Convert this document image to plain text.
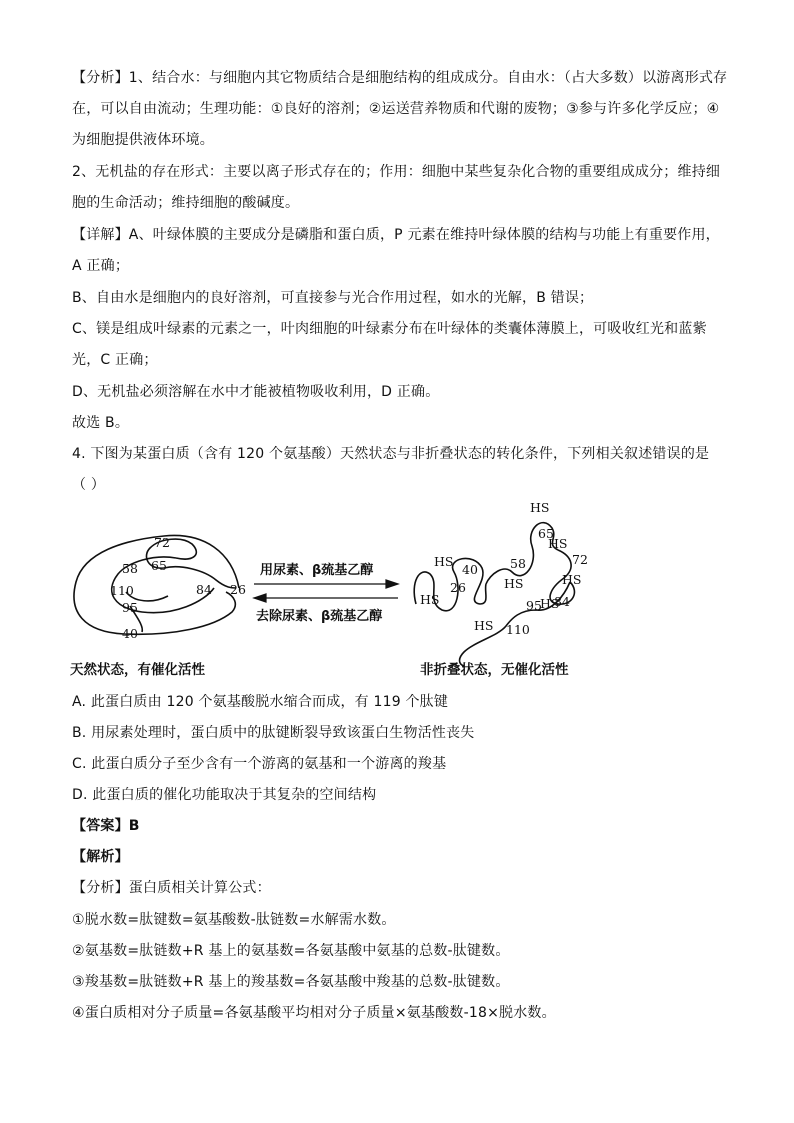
【分析】1、结合水：与细胞内其它物质结合是细胞结构的组成成分。自由水：（占大多数）以游离形式存
在，可以自由流动；生理功能：①良好的溶剂；②运送营养物质和代谢的废物；③参与许多化学反应；④
为细胞提供液体环境。
2、无机盐的存在形式：主要以离子形式存在的；作用：细胞中某些复杂化合物的重要组成成分；维持细
胞的生命活动；维持细胞的酸碱度。
【详解】A、叶绿体膜的主要成分是磷脂和蛋白质，P 元素在维持叶绿体膜的结构与功能上有重要作用，
A 正确；
B、自由水是细胞内的良好溶剂，可直接参与光合作用过程，如水的光解，B 错误；
C、镁是组成叶绿素的元素之一，叶肉细胞的叶绿素分布在叶绿体的类囊体薄膜上，可吸收红光和蓝紫
光，C 正确；
D、无机盐必须溶解在水中才能被植物吸收利用，D 正确。
故选 B。
4. 下图为某蛋白质（含有 120 个氨基酸）天然状态与非折叠状态的转化条件，下列相关叙述错误的是
（ ）
72
58 65
110	84 26
95
40
用尿素、β巯基乙醇
去除尿素、β巯基乙醇
HS
65
HS
72
HS
58
HS
40
HS
HS
26
HS
84
95
HS 110
天然状态，有催化活性	非折叠状态，无催化活性
A. 此蛋白质由 120 个氨基酸脱水缩合而成，有 119 个肽键
B. 用尿素处理时，蛋白质中的肽键断裂导致该蛋白生物活性丧失
C. 此蛋白质分子至少含有一个游离的氨基和一个游离的羧基
D. 此蛋白质的催化功能取决于其复杂的空间结构
【答案】B
【解析】
【分析】蛋白质相关计算公式：
①脱水数=肽键数=氨基酸数-肽链数=水解需水数。
②氨基数=肽链数+R 基上的氨基数=各氨基酸中氨基的总数-肽键数。
③羧基数=肽链数+R 基上的羧基数=各氨基酸中羧基的总数-肽键数。
④蛋白质相对分子质量=各氨基酸平均相对分子质量×氨基酸数-18×脱水数。
